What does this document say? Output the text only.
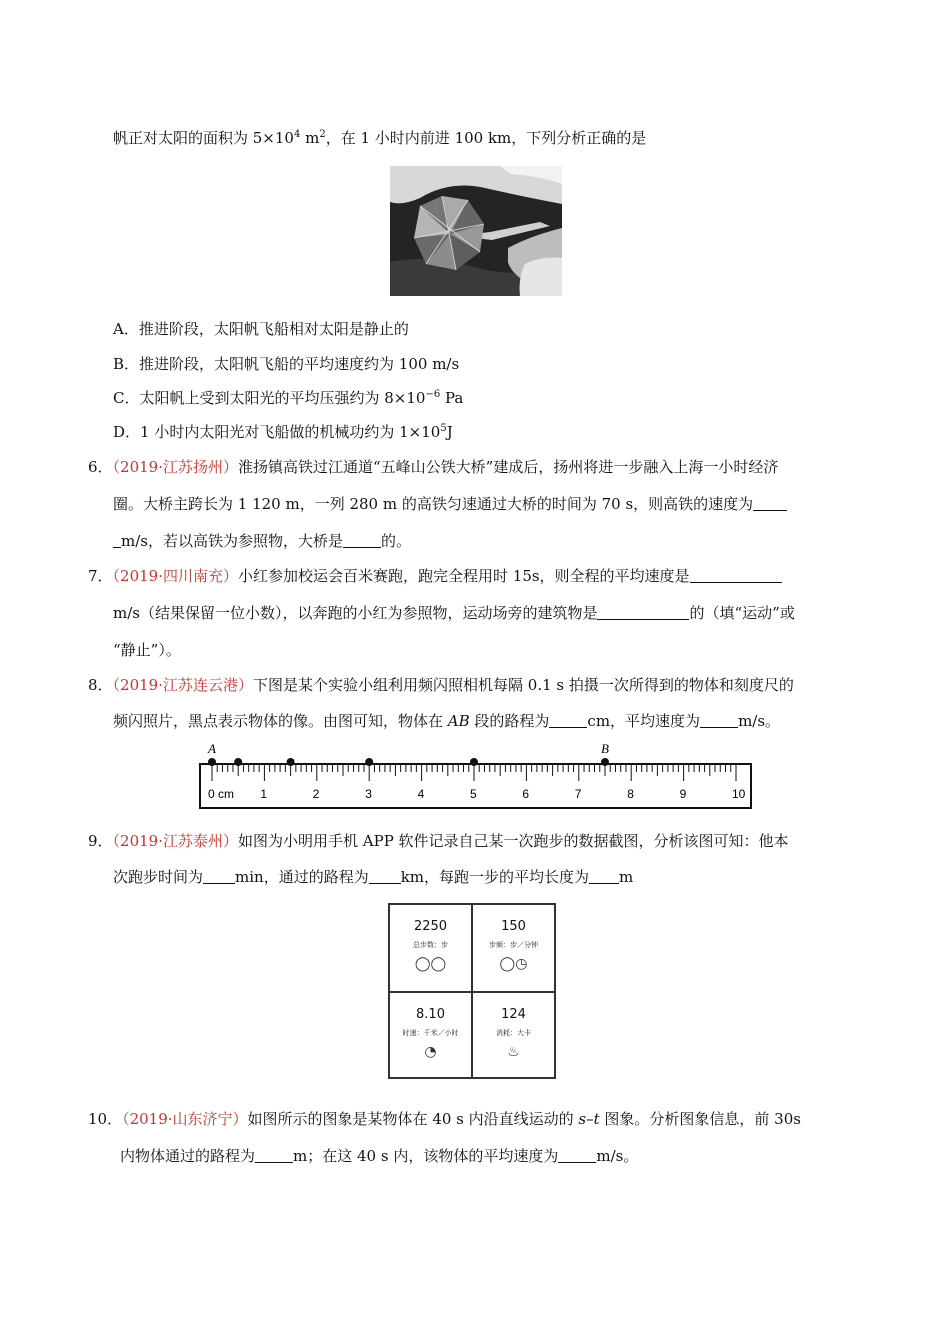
帆正对太阳的面积为 $5\times 10^4$ $m^2$，在 1 小时内前进 100 km，下列分析正确的是
A．推进阶段，太阳帆飞船相对太阳是静止的
B．推进阶段，太阳帆飞船的平均速度约为 100 m/s
C．太阳帆上受到太阳光的平均压强约为 $8\times 10^{-6}$ Pa
D．1 小时内太阳光对飞船做的机械功约为 $1\times 10^5J$
6．（2019·江苏扬州）淮扬镇高铁过江通道“五峰山公铁大桥”建成后，扬州将进一步融入上海一小时经济
圈。大桥主跨长为 1 120 m，一列 280 m 的高铁匀速通过大桥的时间为 70 s，则高铁的速度为
m/s，若以高铁为参照物，大桥是	的。
7．（2019·四川南充）小红参加校运会百米赛跑，跑完全程用时 15s，则全程的平均速度是
m/s（结果保留一位小数），以奔跑的小红为参照物，运动场旁的建筑物是	的（填“运动”或
“静止”）。
8．（2019·江苏连云港）下图是某个实验小组利用频闪照相机每隔 0.1 s 拍摄一次所得到的物体和刻度尺的
频闪照片，黑点表示物体的像。由图可知，物体在 AB 段的路程为	cm，平均速度为	m/s。
0 cm 1	2	3	4	5	6	7	8	9	10
A	B
9．（2019·江苏泰州）如图为小明用手机 APP 软件记录自己某一次跑步的数据截图，分析该图可知：他本
次跑步时间为 min，通过的路程为 km，每跑一步的平均长度为 m
2250
总步数：步
◯◯
150
步频：步／分钟
◯◷
8.10
时速：千米／小时
◔
124
消耗：大卡
♨
10．（2019·山东济宁）如图所示的图象是某物体在 40 s 内沿直线运动的 s–t 图象。分析图象信息，前 30s
内物体通过的路程为	m；在这 40 s 内，该物体的平均速度为	m/s。
